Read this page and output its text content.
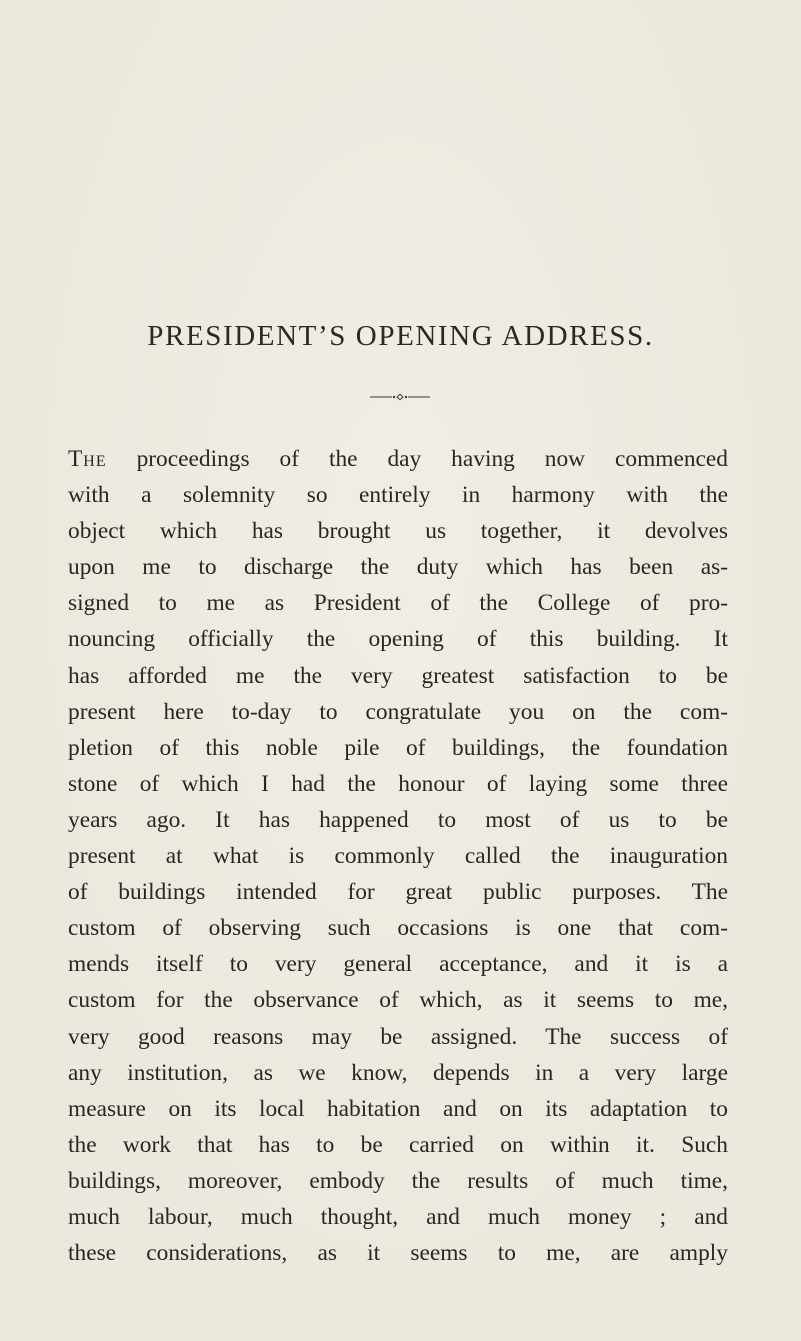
PRESIDENT’S OPENING ADDRESS.
The proceedings of the day having now commenced
with a solemnity so entirely in harmony with the
object which has brought us together, it devolves
upon me to discharge the duty which has been as-
signed to me as President of the College of pro-
nouncing officially the opening of this building. It
has afforded me the very greatest satisfaction to be
present here to-day to congratulate you on the com-
pletion of this noble pile of buildings, the foundation
stone of which I had the honour of laying some three
years ago. It has happened to most of us to be
present at what is commonly called the inauguration
of buildings intended for great public purposes. The
custom of observing such occasions is one that com-
mends itself to very general acceptance, and it is a
custom for the observance of which, as it seems to me,
very good reasons may be assigned. The success of
any institution, as we know, depends in a very large
measure on its local habitation and on its adaptation to
the work that has to be carried on within it. Such
buildings, moreover, embody the results of much time,
much labour, much thought, and much money ; and
these considerations, as it seems to me, are amply
